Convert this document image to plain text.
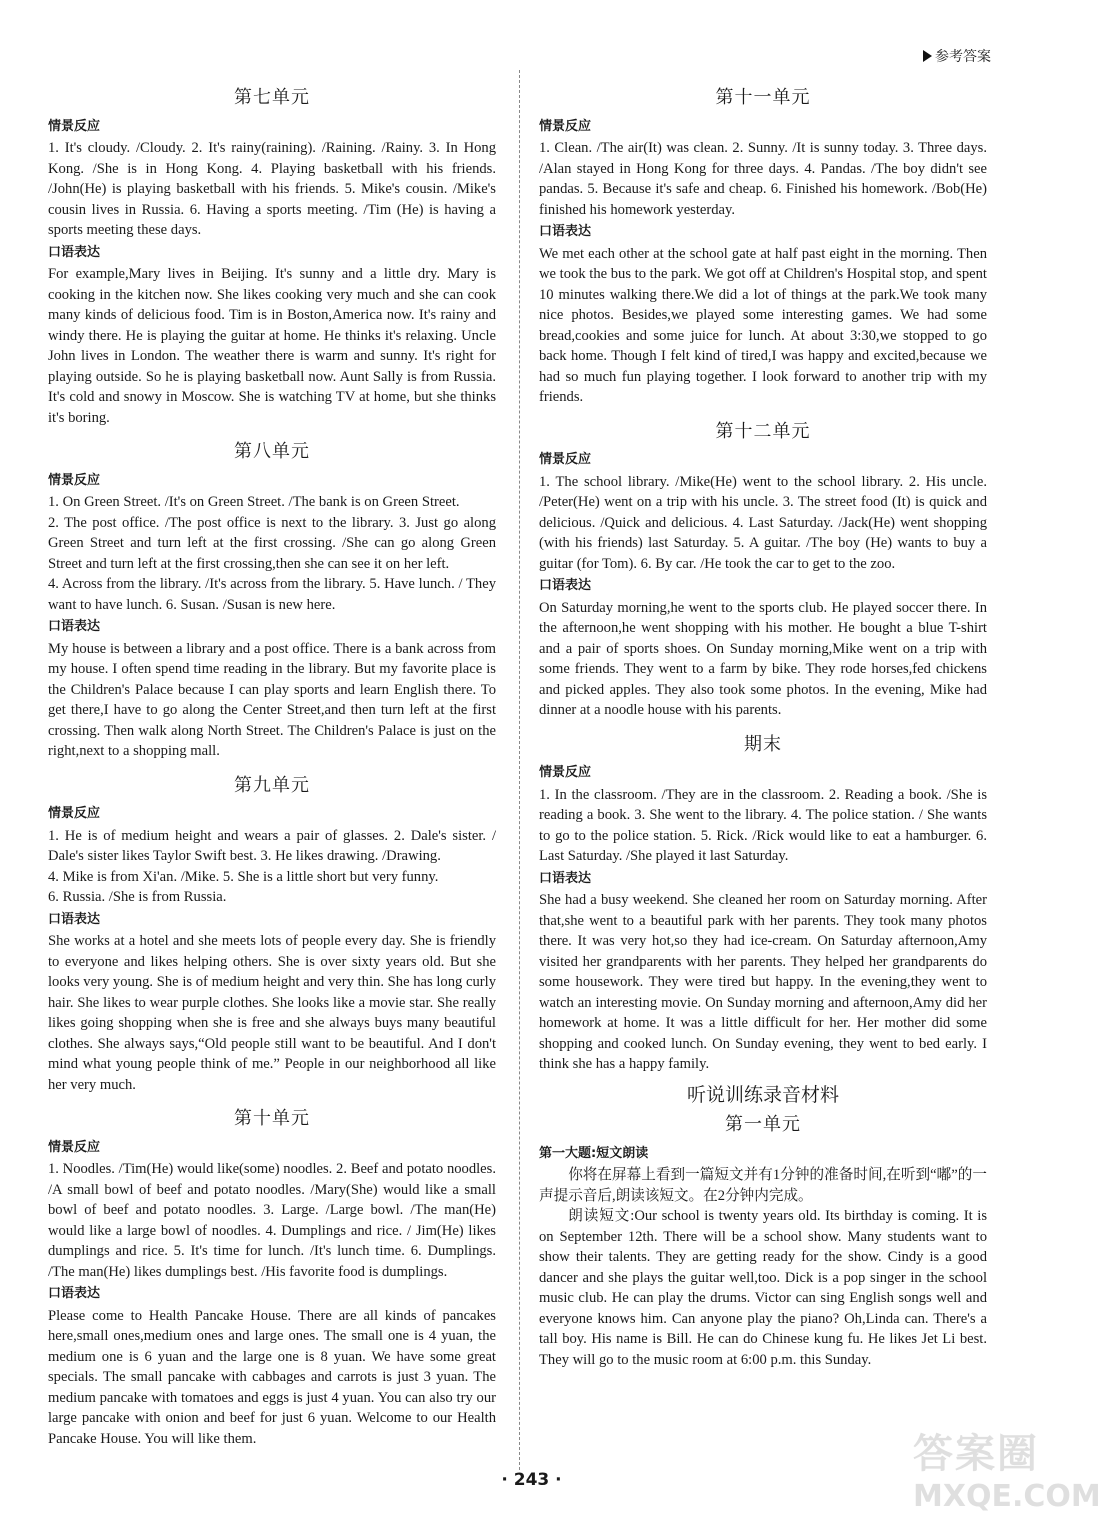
参考答案
第七单元
情景反应

1. It's cloudy. /Cloudy. 2. It's rainy(raining). /Raining. /Rainy. 3. In Hong Kong. /She is in Hong Kong. 4. Playing basketball with his friends. /John(He) is playing basketball with his friends. 5. Mike's cousin. /Mike's cousin lives in Russia. 6. Having a sports meeting. /Tim (He) is having a sports meeting these days.

口语表达

For example,Mary lives in Beijing. It's sunny and a little dry. Mary is cooking in the kitchen now. She likes cooking very much and she can cook many kinds of delicious food. Tim is in Boston,America now. It's rainy and windy there. He is playing the guitar at home. He thinks it's relaxing. Uncle John lives in London. The weather there is warm and sunny. It's right for playing outside. So he is playing basketball now. Aunt Sally is from Russia. It's cold and snowy in Moscow. She is watching TV at home, but she thinks it's boring.

第八单元
情景反应

1. On Green Street. /It's on Green Street. /The bank is on Green Street.

2. The post office. /The post office is next to the library. 3. Just go along Green Street and turn left at the first crossing. /She can go along Green Street and turn left at the first crossing,then she can see it on her left.

4. Across from the library. /It's across from the library. 5. Have lunch. / They want to have lunch. 6. Susan. /Susan is new here.

口语表达

My house is between a library and a post office. There is a bank across from my house. I often spend time reading in the library. But my favorite place is the Children's Palace because I can play sports and learn English there. To get there,I have to go along the Center Street,and then turn left at the first crossing. Then walk along North Street. The Children's Palace is just on the right,next to a shopping mall.

第九单元
情景反应

1. He is of medium height and wears a pair of glasses. 2. Dale's sister. / Dale's sister likes Taylor Swift best. 3. He likes drawing. /Drawing.

4. Mike is from Xi'an. /Mike. 5. She is a little short but very funny.

6. Russia. /She is from Russia.

口语表达

She works at a hotel and she meets lots of people every day. She is friendly to everyone and likes helping others. She is over sixty years old. But she looks very young. She is of medium height and very thin. She has long curly hair. She likes to wear purple clothes. She looks like a movie star. She really likes going shopping when she is free and she always buys many beautiful clothes. She always says,“Old people still want to be beautiful. And I don't mind what young people think of me.” People in our neighborhood all like her very much.

第十单元
情景反应

1. Noodles. /Tim(He) would like(some) noodles. 2. Beef and potato noodles. /A small bowl of beef and potato noodles. /Mary(She) would like a small bowl of beef and potato noodles. 3. Large. /Large bowl. /The man(He) would like a large bowl of noodles. 4. Dumplings and rice. / Jim(He) likes dumplings and rice. 5. It's time for lunch. /It's lunch time. 6. Dumplings. /The man(He) likes dumplings best. /His favorite food is dumplings.

口语表达

Please come to Health Pancake House. There are all kinds of pancakes here,small ones,medium ones and large ones. The small one is 4 yuan, the medium one is 6 yuan and the large one is 8 yuan. We have some great specials. The small pancake with cabbages and carrots is just 3 yuan. The medium pancake with tomatoes and eggs is just 4 yuan. You can also try our large pancake with onion and beef for just 6 yuan. Welcome to our Health Pancake House. You will like them.

第十一单元
情景反应

1. Clean. /The air(It) was clean. 2. Sunny. /It is sunny today. 3. Three days. /Alan stayed in Hong Kong for three days. 4. Pandas. /The boy didn't see pandas. 5. Because it's safe and cheap. 6. Finished his homework. /Bob(He) finished his homework yesterday.

口语表达

We met each other at the school gate at half past eight in the morning. Then we took the bus to the park. We got off at Children's Hospital stop, and spent 10 minutes walking there.We did a lot of things at the park.We took many nice photos. Besides,we played some interesting games. We had some bread,cookies and some juice for lunch. At about 3:30,we stopped to go back home. Though I felt kind of tired,I was happy and excited,because we had so much fun playing together. I look forward to another trip with my friends.

第十二单元
情景反应

1. The school library. /Mike(He) went to the school library. 2. His uncle. /Peter(He) went on a trip with his uncle. 3. The street food (It) is quick and delicious. /Quick and delicious. 4. Last Saturday. /Jack(He) went shopping (with his friends) last Saturday. 5. A guitar. /The boy (He) wants to buy a guitar (for Tom). 6. By car. /He took the car to get to the zoo.

口语表达

On Saturday morning,he went to the sports club. He played soccer there. In the afternoon,he went shopping with his mother. He bought a blue T-shirt and a pair of sports shoes. On Sunday morning,Mike went on a trip with some friends. They went to a farm by bike. They rode horses,fed chickens and picked apples. They also took some photos. In the evening, Mike had dinner at a noodle house with his parents.

期末
情景反应

1. In the classroom. /They are in the classroom. 2. Reading a book. /She is reading a book. 3. She went to the library. 4. The police station. / She wants to go to the police station. 5. Rick. /Rick would like to eat a hamburger. 6. Last Saturday. /She played it last Saturday.

口语表达

She had a busy weekend. She cleaned her room on Saturday morning. After that,she went to a beautiful park with her parents. They took many photos there. It was very hot,so they had ice-cream. On Saturday afternoon,Amy visited her grandparents with her parents. They helped her grandparents do some housework. They were tired but happy. In the evening,they went to watch an interesting movie. On Sunday morning and afternoon,Amy did her homework at home. It was a little difficult for her. Her mother did some shopping and cooked lunch. On Sunday evening, they went to bed early. I think she has a happy family.

听说训练录音材料
第一单元
第一大题:短文朗读

你将在屏幕上看到一篇短文并有1分钟的准备时间,在听到“嘟”的一声提示音后,朗读该短文。在2分钟内完成。

朗读短文:Our school is twenty years old. Its birthday is coming. It is on September 12th. There will be a school show. Many students want to show their talents. They are getting ready for the show. Cindy is a good dancer and she plays the guitar well,too. Dick is a pop singer in the school music club. He can play the drums. Victor can sing English songs well and everyone knows him. Can anyone play the piano? Oh,Linda can. There's a tall boy. His name is Bill. He can do Chinese kung fu. He likes Jet Li best. They will go to the music room at 6:00 p.m. this Sunday.

· 243 ·
答案圈
MXQE.COM
